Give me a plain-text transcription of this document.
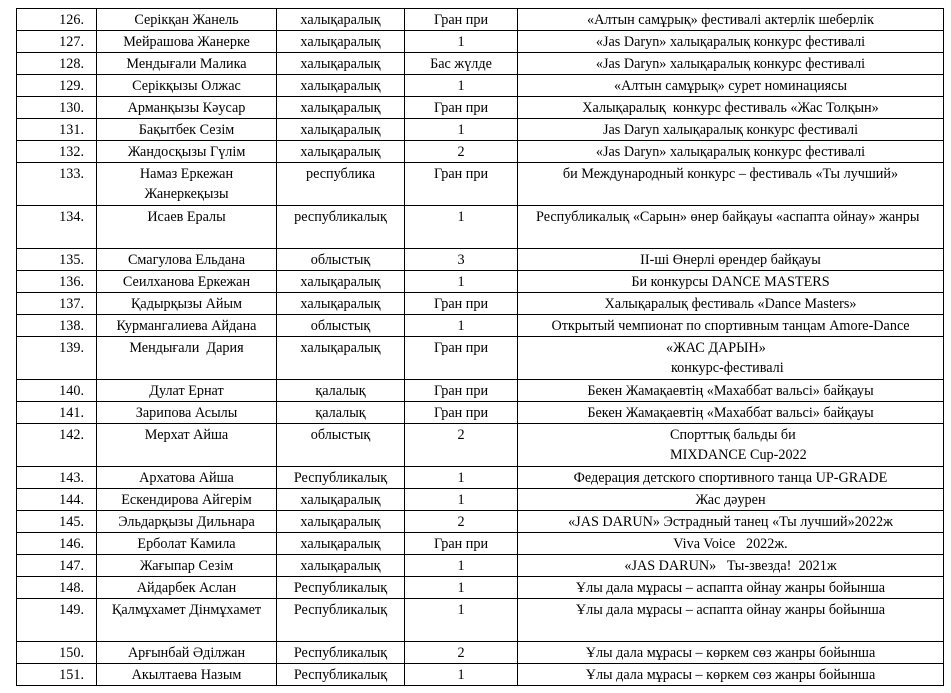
126.	Серікқан Жанель	халықаралық	Гран при	«Алтын самұрық» фестивалі актерлік шеберлік
127.	Мейрашова Жанерке	халықаралық	1	«Jas Daryn» халықаралық конкурс фестивалі
128.	Мендығали Малика	халықаралық	Бас жүлде	«Jas Daryn» халықаралық конкурс фестивалі
129.	Серікқызы Олжас	халықаралық	1	«Алтын самұрық» сурет номинациясы
130.	Арманқызы Кәусар	халықаралық	Гран при	Халықаралық  конкурс фестиваль «Жас Толқын»
131.	Бақытбек Сезім	халықаралық	1	Jas Daryn халықаралық конкурс фестивалі
132.	Жандосқызы Гүлім	халықаралық	2	«Jas Daryn» халықаралық конкурс фестивалі
133.	Намаз Еркежан Жанеркеқызы	республика	Гран при	би Международный конкурс – фестиваль «Ты лучший»
134.	Исаев Ералы	республикалық	1	Республикалық «Сарын» өнер байқауы «аспапта ойнау» жанры
135.	Смагулова Ельдана	облыстық	3	ІІ-ші Өнерлі өрендер байқауы
136.	Сеилханова Еркежан	халықаралық	1	Би конкурсы DANCE MASTERS
137.	Қадырқызы Айым	халықаралық	Гран при	Халықаралық фестиваль «Dance Masters»
138.	Курмангалиева Айдана	облыстық	1	Открытый чемпионат по спортивным танцам Amore-Dance
139.	Мендығали  Дария	халықаралық	Гран при	«ЖАС ДАРЫН»
конкурс-фестивалі

140.	Дулат Ернат	қалалық	Гран при	Бекен Жамақаевтің «Махаббат вальсі» байқауы
141.	Зарипова Асылы	қалалық	Гран при	Бекен Жамақаевтің «Махаббат вальсі» байқауы
142.	Мерхат Айша	облыстық	2	Спорттық бальды би
MIXDANCE Cup-2022

143.	Архатова Айша	Республикалық	1	Федерация детского спортивного танца UP-GRADE
144.	Ескендирова Айгерім	халықаралық	1	Жас дәурен
145.	Эльдарқызы Дильнара	халықаралық	2	«JAS DARUN» Эстрадный танец «Ты лучший»2022ж
146.	Ерболат Камила	халықаралық	Гран при	Viva Voice   2022ж.
147.	Жағыпар Сезім	халықаралық	1	«JAS DARUN»   Ты-звезда!  2021ж
148.	Айдарбек Аслан	Республикалық	1	Ұлы дала мұрасы – аспапта ойнау жанры бойынша
149.	Қалмұхамет Дінмұхамет	Республикалық	1	Ұлы дала мұрасы – аспапта ойнау жанры бойынша
150.	Арғынбай Әділжан	Республикалық	2	Ұлы дала мұрасы – көркем сөз жанры бойынша
151.	Акылтаева Назым	Республикалық	1	Ұлы дала мұрасы – көркем сөз жанры бойынша
